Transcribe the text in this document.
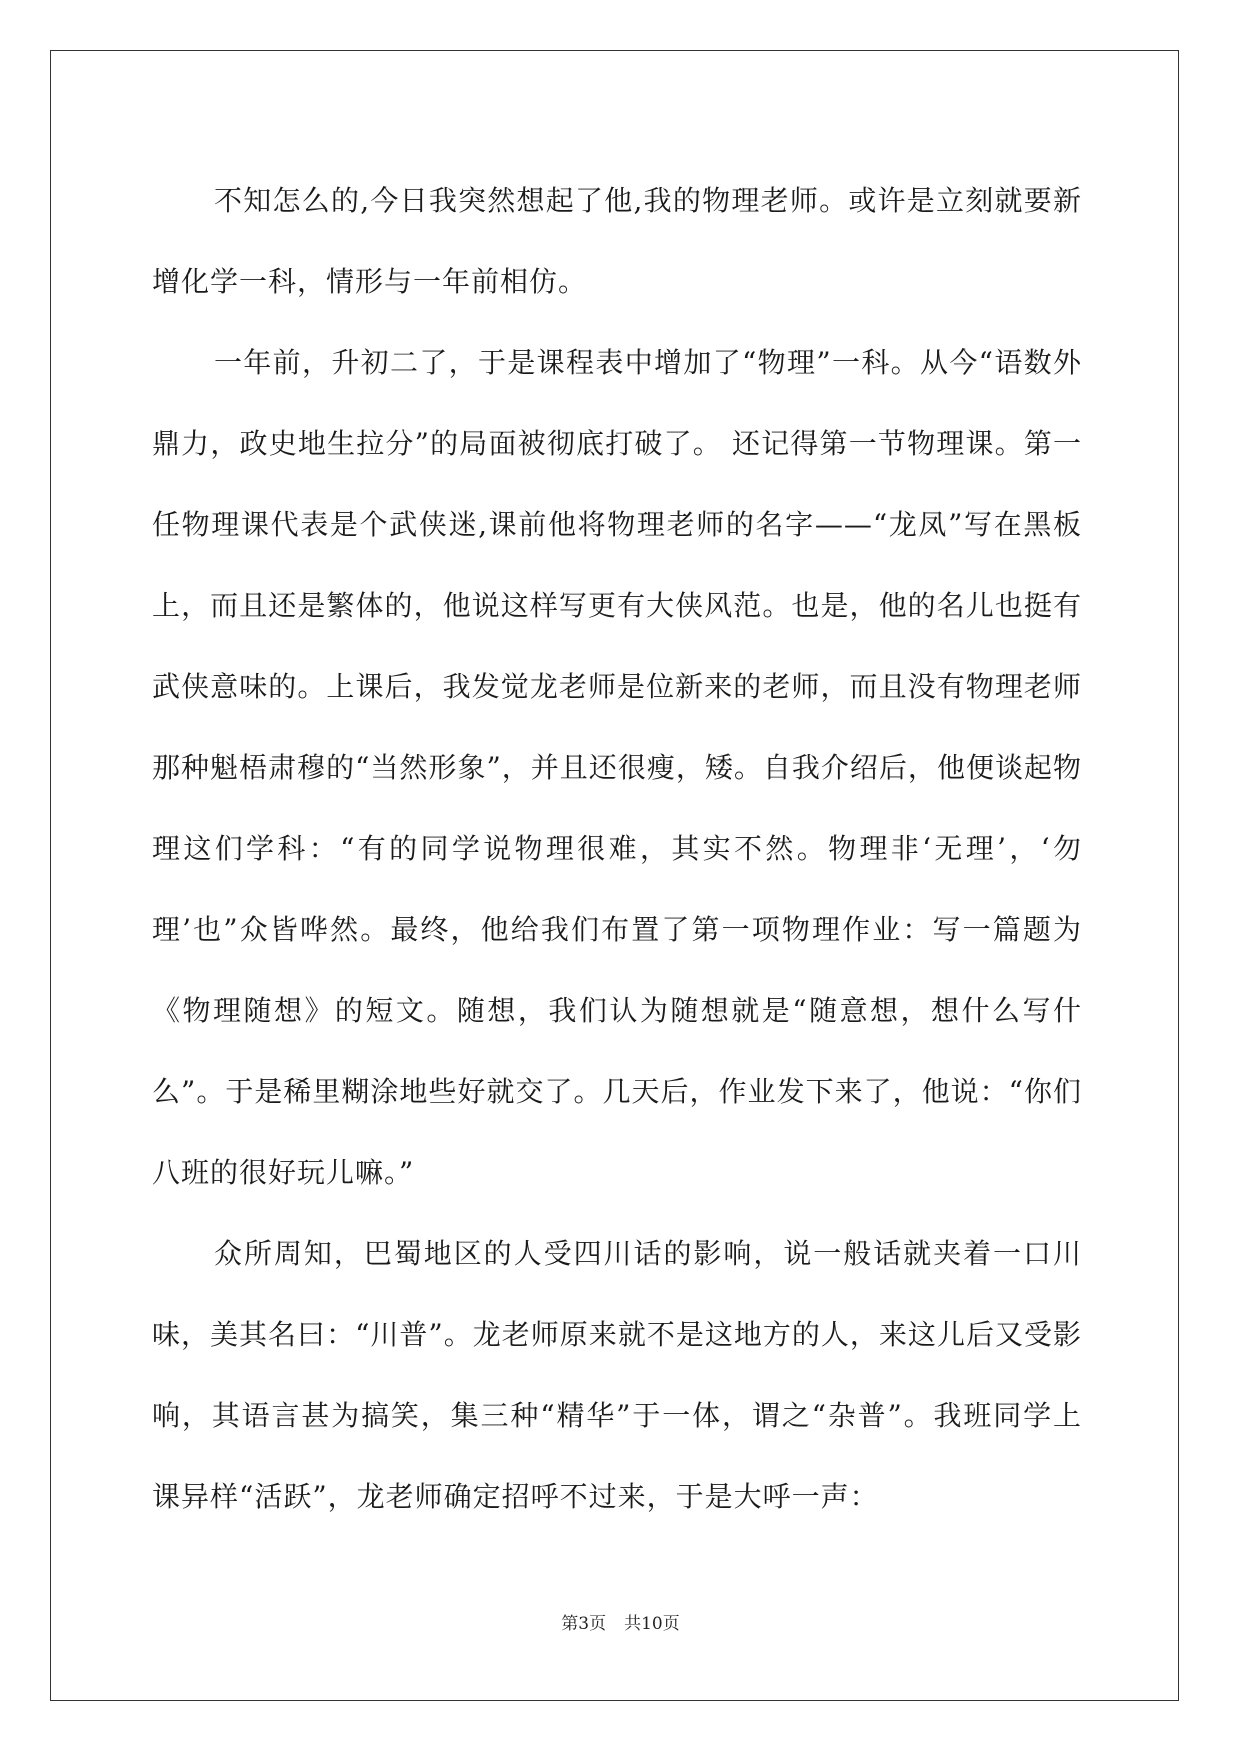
不知怎么的,今日我突然想起了他,我的物理老师。或许是立刻就要新增化学一科，情形与一年前相仿。

一年前，升初二了，于是课程表中增加了“物理”一科。从今“语数外鼎力，政史地生拉分”的局面被彻底打破了。 还记得第一节物理课。第一任物理课代表是个武侠迷,课前他将物理老师的名字——“龙凤”写在黑板上，而且还是繁体的，他说这样写更有大侠风范。也是，他的名儿也挺有武侠意味的。上课后，我发觉龙老师是位新来的老师，而且没有物理老师那种魁梧肃穆的“当然形象”，并且还很瘦，矮。自我介绍后，他便谈起物理这们学科：“有的同学说物理很难，其实不然。物理非‘无理’，‘勿理’也”众皆哗然。最终，他给我们布置了第一项物理作业：写一篇题为《物理随想》的短文。随想，我们认为随想就是“随意想，想什么写什么”。于是稀里糊涂地些好就交了。几天后，作业发下来了，他说：“你们八班的很好玩儿嘛。”

众所周知，巴蜀地区的人受四川话的影响，说一般话就夹着一口川味，美其名曰：“川普”。龙老师原来就不是这地方的人，来这儿后又受影响，其语言甚为搞笑，集三种“精华”于一体，谓之“杂普”。我班同学上课异样“活跃”，龙老师确定招呼不过来，于是大呼一声：

第3页 共10页
